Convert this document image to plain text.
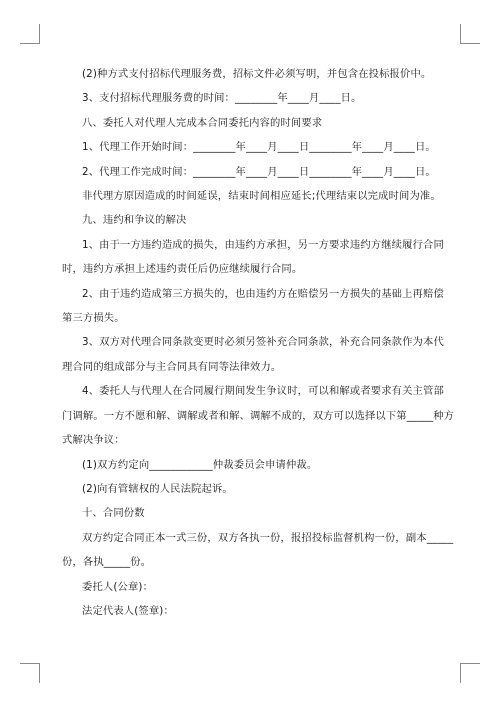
(2)种方式支付招标代理服务费，招标文件必须写明，并包含在投标报价中。

3、支付招标代理服务费的时间：________年____月____日。

八、委托人对代理人完成本合同委托内容的时间要求

1、代理工作开始时间：________年____月____日________年____月____日。

2、代理工作完成时间：________年____月____日________年____月____日。

非代理方原因造成的时间延误，结束时间相应延长;代理结束以完成时间为准。

九、违约和争议的解决

1、由于一方违约造成的损失，由违约方承担，另一方要求违约方继续履行合同

时，违约方承担上述违约责任后仍应继续履行合同。

2、由于违约造成第三方损失的，也由违约方在赔偿另一方损失的基础上再赔偿

第三方损失。

3、双方对代理合同条款变更时必须另签补充合同条款，补充合同条款作为本代

理合同的组成部分与主合同具有同等法律效力。

4、委托人与代理人在合同履行期间发生争议时，可以和解或者要求有关主管部

门调解。一方不愿和解、调解或者和解、调解不成的，双方可以选择以下第_____种方

式解决争议：

(1)双方约定向____________仲裁委员会申请仲裁。

(2)向有管辖权的人民法院起诉。

十、合同份数

双方约定合同正本一式三份，双方各执一份，报招投标监督机构一份，副本_____

份，各执_____份。

委托人(公章)：

法定代表人(签章)：
